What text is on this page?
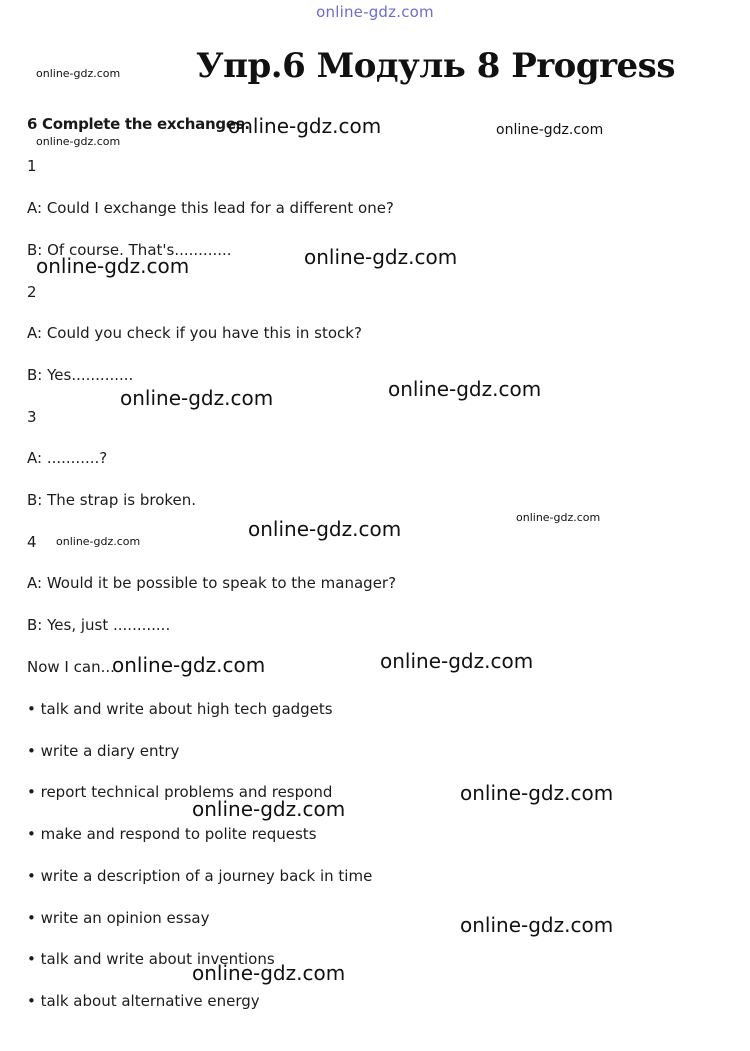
online-gdz.com
Упр.6 Модуль 8 Progress
6 Complete the exchanges.
1
A: Could I exchange this lead for a different one?
B: Of course. That's............
2
A: Could you check if you have this in stock?
B: Yes.............
3
A: ...........?
B: The strap is broken.
4
A: Would it be possible to speak to the manager?
B: Yes, just ............
Now I can...
• talk and write about high tech gadgets
• write a diary entry
• report technical problems and respond
• make and respond to polite requests
• write a description of a journey back in time
• write an opinion essay
• talk and write about inventions
• talk about alternative energy
online-gdz.com
online-gdz.com
online-gdz.com
online-gdz.com
online-gdz.com
online-gdz.com
online-gdz.com	online-gdz.com
online-gdz.com	online-gdz.com
online-gdz.com
online-gdz.com	online-gdz.com
online-gdz.com
online-gdz.com
online-gdz.com
online-gdz.com
